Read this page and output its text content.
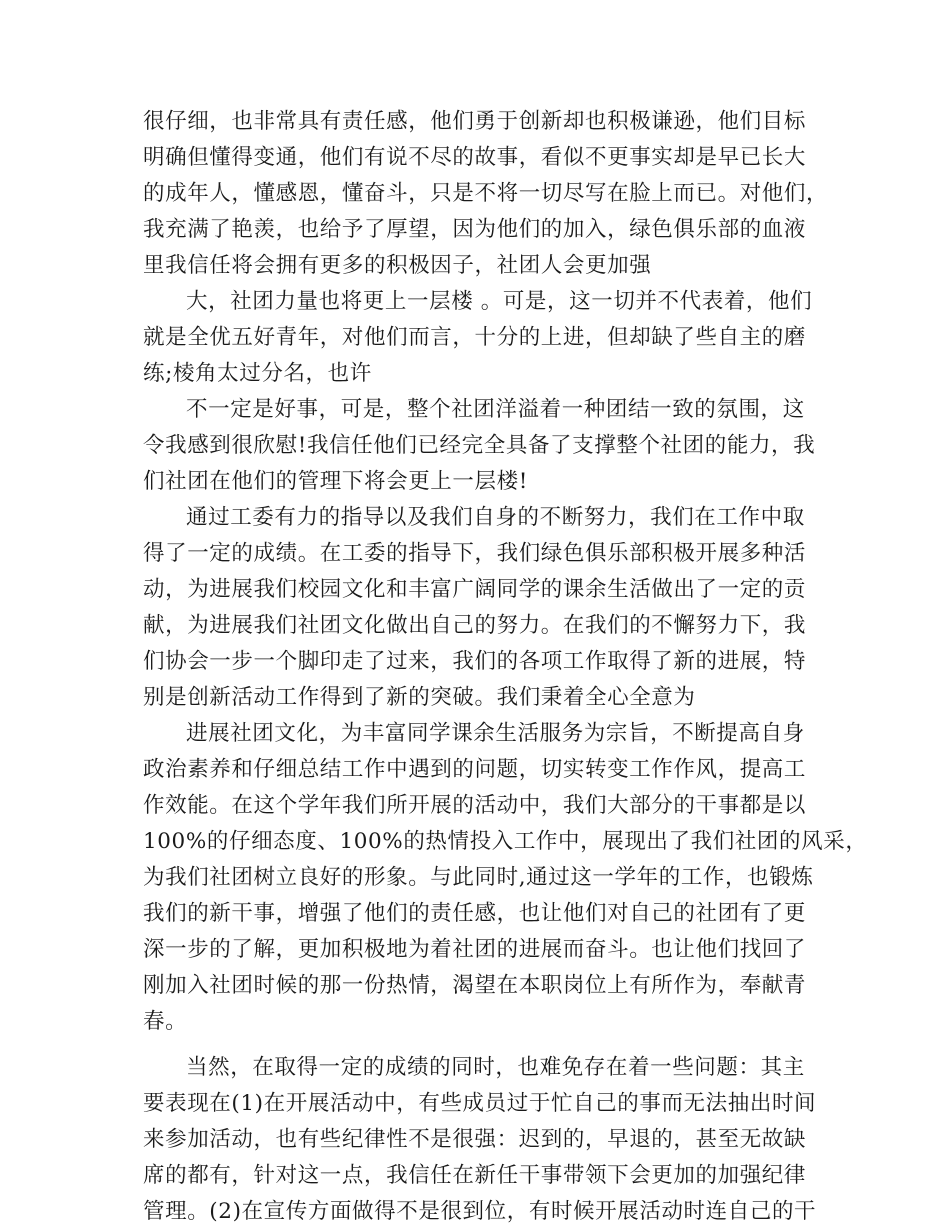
很仔细，也非常具有责任感，他们勇于创新却也积极谦逊，他们目标
明确但懂得变通，他们有说不尽的故事，看似不更事实却是早已长大
的成年人，懂感恩，懂奋斗，只是不将一切尽写在脸上而已。对他们，
我充满了艳羡，也给予了厚望，因为他们的加入，绿色俱乐部的血液
里我信任将会拥有更多的积极因子，社团人会更加强
大，社团力量也将更上一层楼 。可是，这一切并不代表着，他们
就是全优五好青年，对他们而言，十分的上进，但却缺了些自主的磨
练;棱角太过分名，也许
不一定是好事，可是，整个社团洋溢着一种团结一致的氛围，这
令我感到很欣慰!我信任他们已经完全具备了支撑整个社团的能力，我
们社团在他们的管理下将会更上一层楼!
通过工委有力的指导以及我们自身的不断努力，我们在工作中取
得了一定的成绩。在工委的指导下，我们绿色俱乐部积极开展多种活
动，为进展我们校园文化和丰富广阔同学的课余生活做出了一定的贡
献，为进展我们社团文化做出自己的努力。在我们的不懈努力下，我
们协会一步一个脚印走了过来，我们的各项工作取得了新的进展，特
别是创新活动工作得到了新的突破。我们秉着全心全意为
进展社团文化，为丰富同学课余生活服务为宗旨，不断提高自身
政治素养和仔细总结工作中遇到的问题，切实转变工作作风，提高工
作效能。在这个学年我们所开展的活动中，我们大部分的干事都是以
100%的仔细态度、100%的热情投入工作中，展现出了我们社团的风采，
为我们社团树立良好的形象。与此同时,通过这一学年的工作，也锻炼
我们的新干事，增强了他们的责任感，也让他们对自己的社团有了更
深一步的了解，更加积极地为着社团的进展而奋斗。也让他们找回了
刚加入社团时候的那一份热情，渴望在本职岗位上有所作为，奉献青
春。
当然，在取得一定的成绩的同时，也难免存在着一些问题：其主
要表现在(1)在开展活动中，有些成员过于忙自己的事而无法抽出时间
来参加活动，也有些纪律性不是很强：迟到的，早退的，甚至无故缺
席的都有，针对这一点，我信任在新任干事带领下会更加的加强纪律
管理。(2)在宣传方面做得不是很到位，有时候开展活动时连自己的干
